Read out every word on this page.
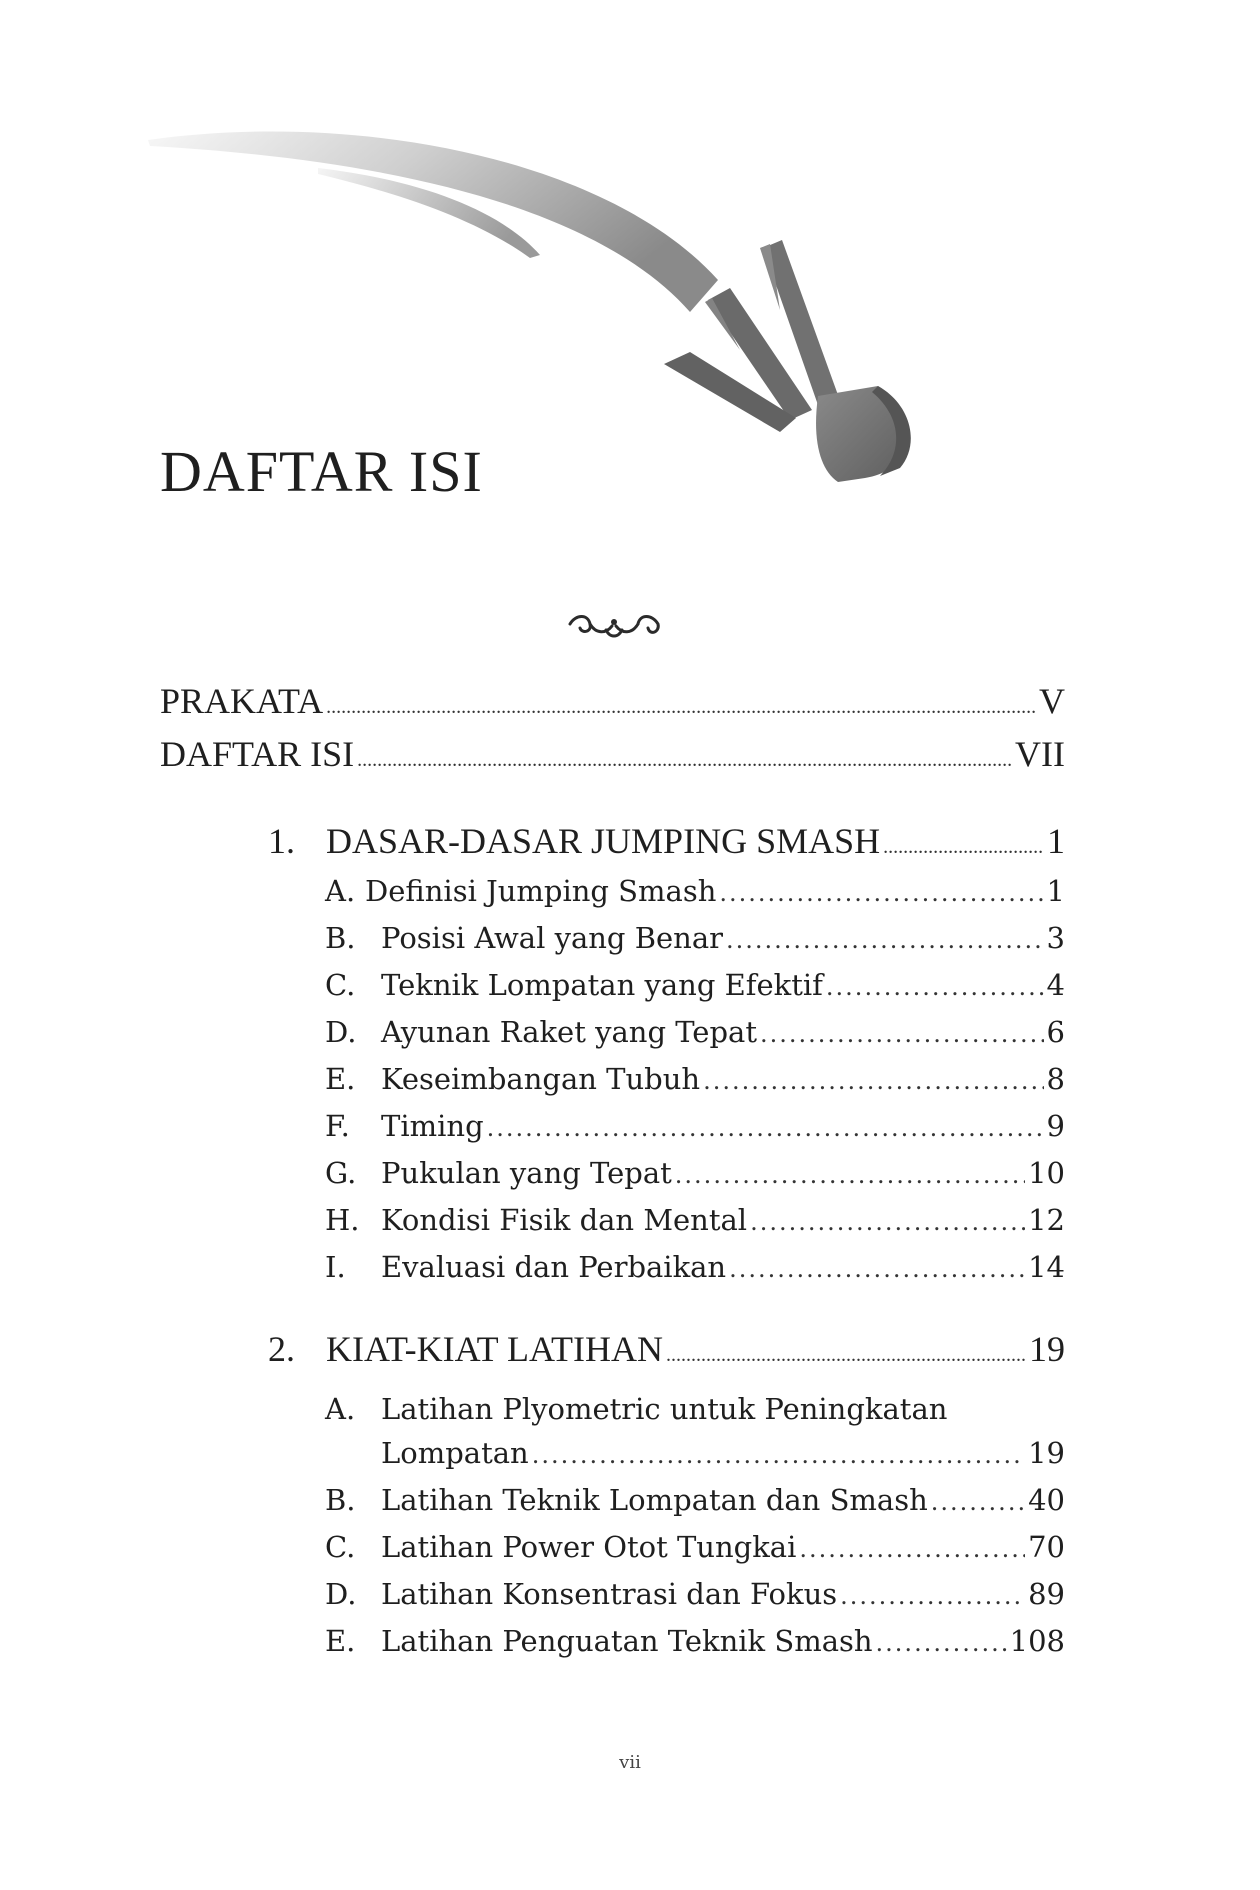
DAFTAR ISI
PRAKATA .....	V
DAFTAR ISI .....	VII
1. DASAR-DASAR JUMPING SMASH .....	1
A. Definisi Jumping Smash .....	1
B. Posisi Awal yang Benar .....	3
C. Teknik Lompatan yang Efektif .....	4
D. Ayunan Raket yang Tepat .....	6
E. Keseimbangan Tubuh .....	8
F.	Timing .....	9
G. Pukulan yang Tepat .....	10
H. Kondisi Fisik dan Mental .....	12
I.	Evaluasi dan Perbaikan .....	14
2. KIAT-KIAT LATIHAN .....	19
A. Latihan Plyometric untuk Peningkatan
Lompatan .....	19
B. Latihan Teknik Lompatan dan Smash .....	40
C. Latihan Power Otot Tungkai .....	70
D. Latihan Konsentrasi dan Fokus .....	89
E. Latihan Penguatan Teknik Smash .....	108
vii
